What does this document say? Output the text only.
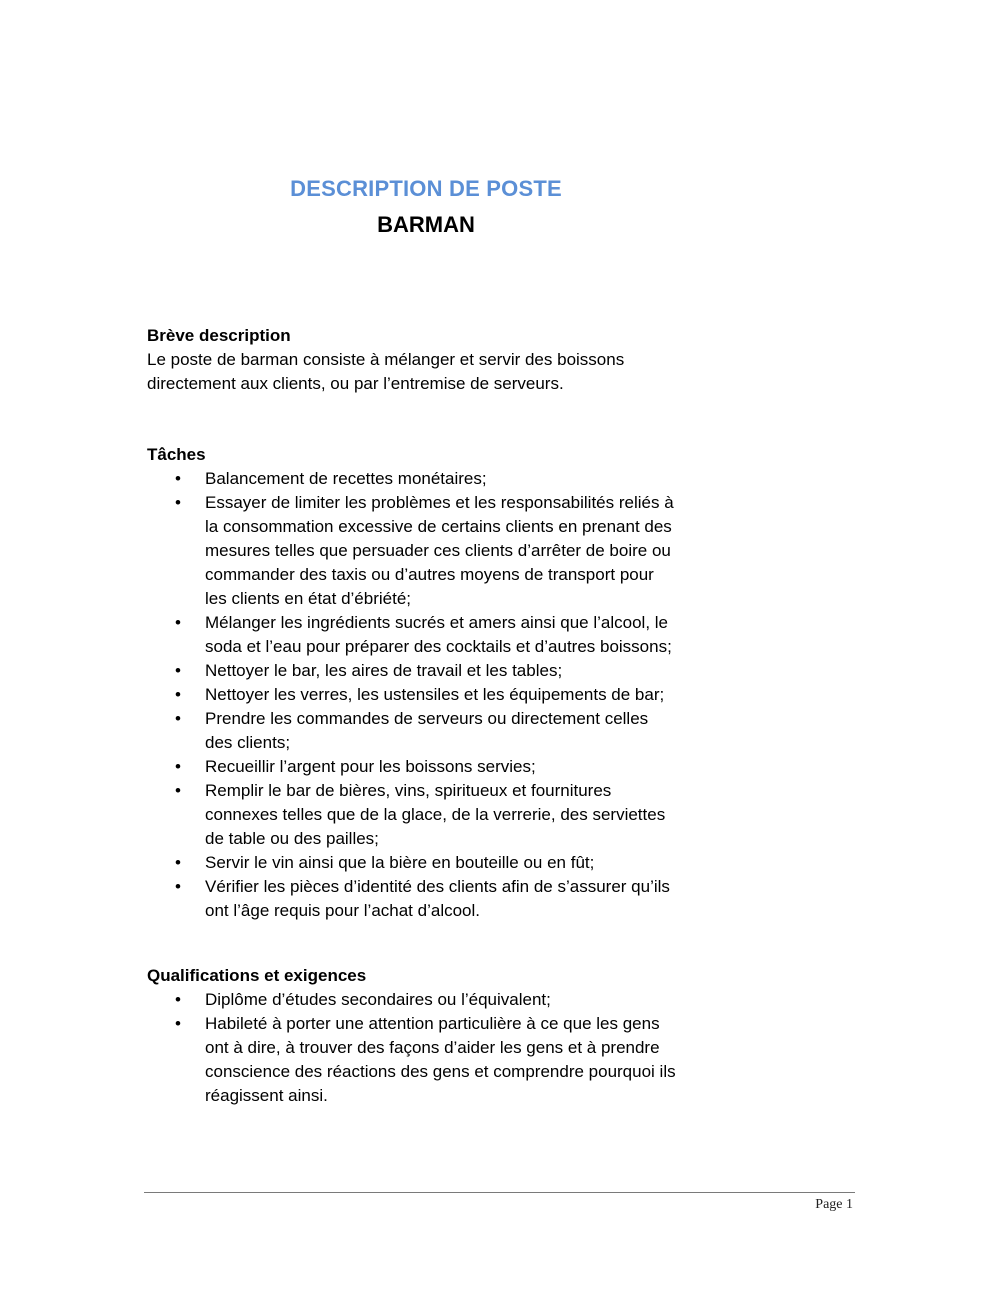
DESCRIPTION DE POSTE
BARMAN
Brève description
Le poste de barman consiste à mélanger et servir des boissons
directement aux clients, ou par l’entremise de serveurs.
Tâches
• Balancement de recettes monétaires;
• Essayer de limiter les problèmes et les responsabilités reliés à
la consommation excessive de certains clients en prenant des
mesures telles que persuader ces clients d’arrêter de boire ou
commander des taxis ou d’autres moyens de transport pour
les clients en état d’ébriété;
• Mélanger les ingrédients sucrés et amers ainsi que l’alcool, le
soda et l’eau pour préparer des cocktails et d’autres boissons;
• Nettoyer le bar, les aires de travail et les tables;
• Nettoyer les verres, les ustensiles et les équipements de bar;
• Prendre les commandes de serveurs ou directement celles
des clients;
• Recueillir l’argent pour les boissons servies;
• Remplir le bar de bières, vins, spiritueux et fournitures
connexes telles que de la glace, de la verrerie, des serviettes
de table ou des pailles;
• Servir le vin ainsi que la bière en bouteille ou en fût;
• Vérifier les pièces d’identité des clients afin de s’assurer qu’ils
ont l’âge requis pour l’achat d’alcool.
Qualifications et exigences
• Diplôme d’études secondaires ou l’équivalent;
• Habileté à porter une attention particulière à ce que les gens
ont à dire, à trouver des façons d’aider les gens et à prendre
conscience des réactions des gens et comprendre pourquoi ils
réagissent ainsi.
Page 1
